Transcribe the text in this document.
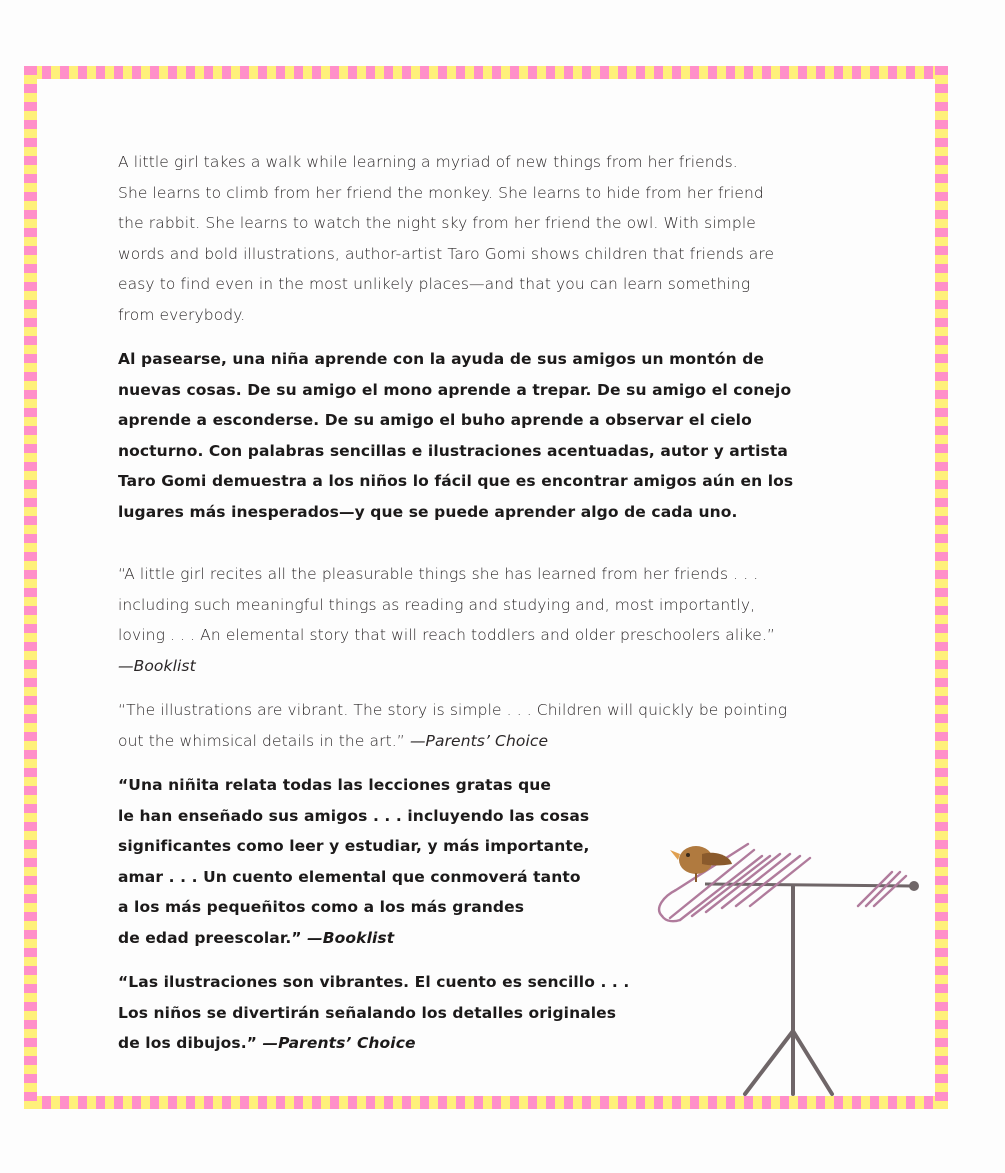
A little girl takes a walk while learning a myriad of new things from her friends.
She learns to climb from her friend the monkey. She learns to hide from her friend
the rabbit. She learns to watch the night sky from her friend the owl. With simple
words and bold illustrations, author-artist Taro Gomi shows children that friends are
easy to find even in the most unlikely places—and that you can learn something
from everybody.

Al pasearse, una niña aprende con la ayuda de sus amigos un montón de
nuevas cosas. De su amigo el mono aprende a trepar. De su amigo el conejo
aprende a esconderse. De su amigo el buho aprende a observar el cielo
nocturno. Con palabras sencillas e ilustraciones acentuadas, autor y artista
Taro Gomi demuestra a los niños lo fácil que es encontrar amigos aún en los
lugares más inesperados—y que se puede aprender algo de cada uno.

“A little girl recites all the pleasurable things she has learned from her friends . . .
including such meaningful things as reading and studying and, most importantly,
loving . . . An elemental story that will reach toddlers and older preschoolers alike.”
—Booklist

“The illustrations are vibrant. The story is simple . . . Children will quickly be pointing
out the whimsical details in the art.” —Parents’ Choice

“Una niñita relata todas las lecciones gratas que
le han enseñado sus amigos . . . incluyendo las cosas
significantes como leer y estudiar, y más importante,
amar . . . Un cuento elemental que conmoverá tanto
a los más pequeñitos como a los más grandes
de edad preescolar.” —Booklist

“Las ilustraciones son vibrantes. El cuento es sencillo . . .
Los niños se divertirán señalando los detalles originales
de los dibujos.” —Parents’ Choice
